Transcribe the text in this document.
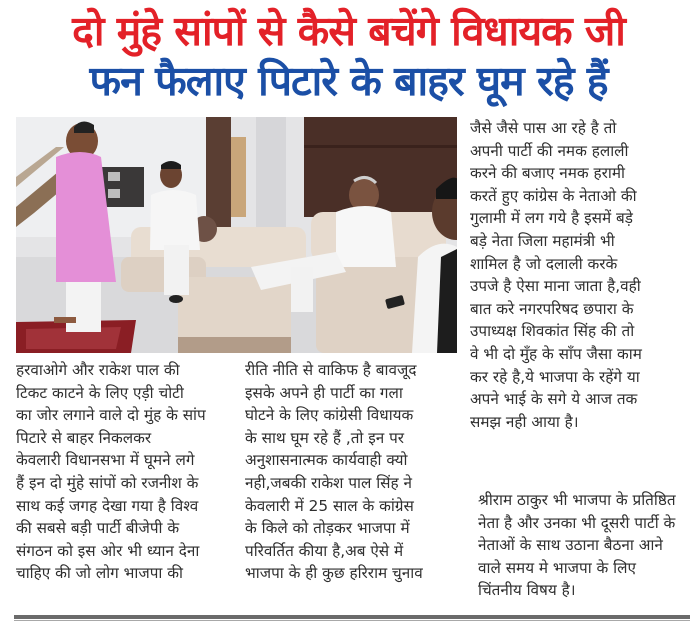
दो मुंहे सांपों से कैसे बचेंगे विधायक जी
फन फैलाए पिटारे के बाहर घूम रहे हैं

जैसे जैसे पास आ रहे है तो

अपनी पार्टी की नमक हलाली

करने की बजाए नमक हरामी

करतें हुए कांग्रेस के नेताओ की

गुलामी में लग गये है इसमें बड़े

बड़े नेता जिला महामंत्री भी

शामिल है जो दलाली करके

उपजे है ऐसा माना जाता है,वही

बात करे नगरपरिषद छपारा के

उपाध्यक्ष शिवकांत सिंह की तो

वे भी दो मुँह के साँप जैसा काम

कर रहे है,ये भाजपा के रहेंगे या

अपने भाई के सगे ये आज तक

समझ नही आया है।

श्रीराम ठाकुर भी भाजपा के प्रतिष्ठित

नेता है और उनका भी दूसरी पार्टी के

नेताओं के साथ उठाना बैठना आने

वाले समय मे भाजपा के लिए

चिंतनीय विषय है।

हरवाओगे और राकेश पाल की

टिकट काटने के लिए एड़ी चोटी

का जोर लगाने वाले दो मुंह के सांप

पिटारे से बाहर निकलकर

केवलारी विधानसभा में घूमने लगे

हैं इन दो मुंहे सांपों को रजनीश के

साथ कई जगह देखा गया है विश्व

की सबसे बड़ी पार्टी बीजेपी के

संगठन को इस ओर भी ध्यान देना

चाहिए की जो लोग भाजपा की

रीति नीति से वाकिफ है बावजूद

इसके अपने ही पार्टी का गला

घोटने के लिए कांग्रेसी विधायक

के साथ घूम रहे हैं ,तो इन पर

अनुशासनात्मक कार्यवाही क्यो

नही,जबकी राकेश पाल सिंह ने

केवलारी में 25 साल के कांग्रेस

के किले को तोड़कर भाजपा में

परिवर्तित कीया है,अब ऐसे में

भाजपा के ही कुछ हरिराम चुनाव
